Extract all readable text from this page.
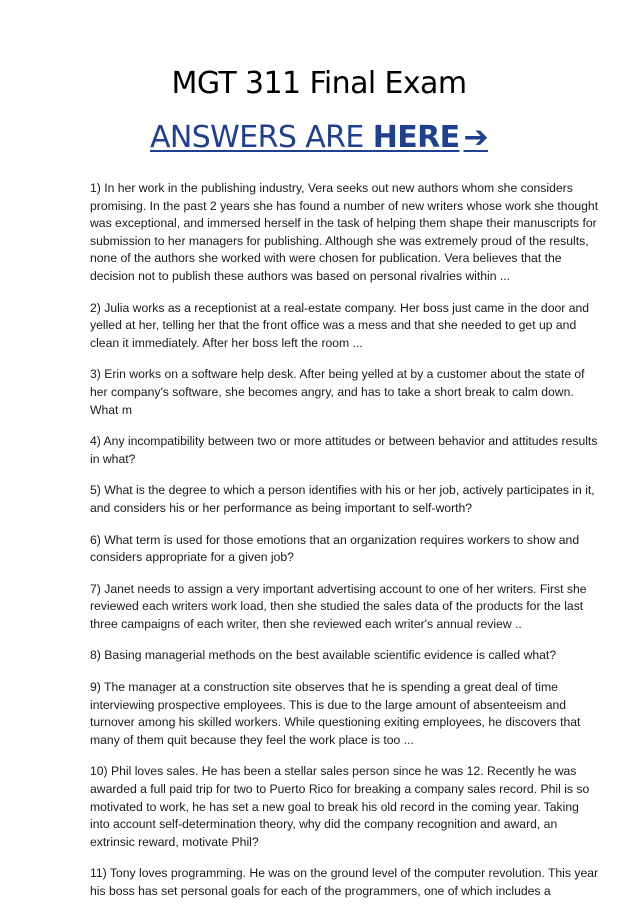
MGT 311 Final Exam
ANSWERS ARE HERE ➔

1) In her work in the publishing industry, Vera seeks out new authors whom she considers promising. In the past 2 years she has found a number of new writers whose work she thought was exceptional, and immersed herself in the task of helping them shape their manuscripts for submission to her managers for publishing. Although she was extremely proud of the results, none of the authors she worked with were chosen for publication. Vera believes that the decision not to publish these authors was based on personal rivalries within ...

2) Julia works as a receptionist at a real-estate company. Her boss just came in the door and yelled at her, telling her that the front office was a mess and that she needed to get up and clean it immediately. After her boss left the room ...

3) Erin works on a software help desk. After being yelled at by a customer about the state of her company's software, she becomes angry, and has to take a short break to calm down. What m

4) Any incompatibility between two or more attitudes or between behavior and attitudes results in what?

5) What is the degree to which a person identifies with his or her job, actively participates in it, and considers his or her performance as being important to self-worth?

6) What term is used for those emotions that an organization requires workers to show and considers appropriate for a given job?

7) Janet needs to assign a very important advertising account to one of her writers. First she reviewed each writers work load, then she studied the sales data of the products for the last three campaigns of each writer, then she reviewed each writer's annual review ..

8) Basing managerial methods on the best available scientific evidence is called what?

9) The manager at a construction site observes that he is spending a great deal of time interviewing prospective employees. This is due to the large amount of absenteeism and turnover among his skilled workers. While questioning exiting employees, he discovers that many of them quit because they feel the work place is too ...

10) Phil loves sales. He has been a stellar sales person since he was 12. Recently he was awarded a full paid trip for two to Puerto Rico for breaking a company sales record. Phil is so motivated to work, he has set a new goal to break his old record in the coming year. Taking into account self-determination theory, why did the company recognition and award, an extrinsic reward, motivate Phil?

11) Tony loves programming. He was on the ground level of the computer revolution. This year his boss has set personal goals for each of the programmers, one of which includes a
